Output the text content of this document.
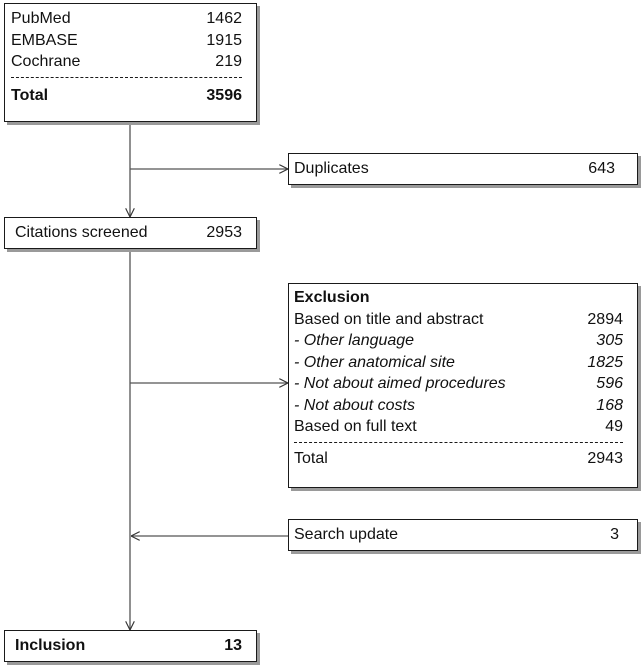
PubMed	1462
EMBASE	1915
Cochrane	219
Total	3596
Duplicates	643
Citations screened	2953
Exclusion
Based on title and abstract	2894
- Other language	305
- Other anatomical site	1825
- Not about aimed procedures	596
- Not about costs	168
Based on full text	49
Total	2943
Search update	3
Inclusion	13
